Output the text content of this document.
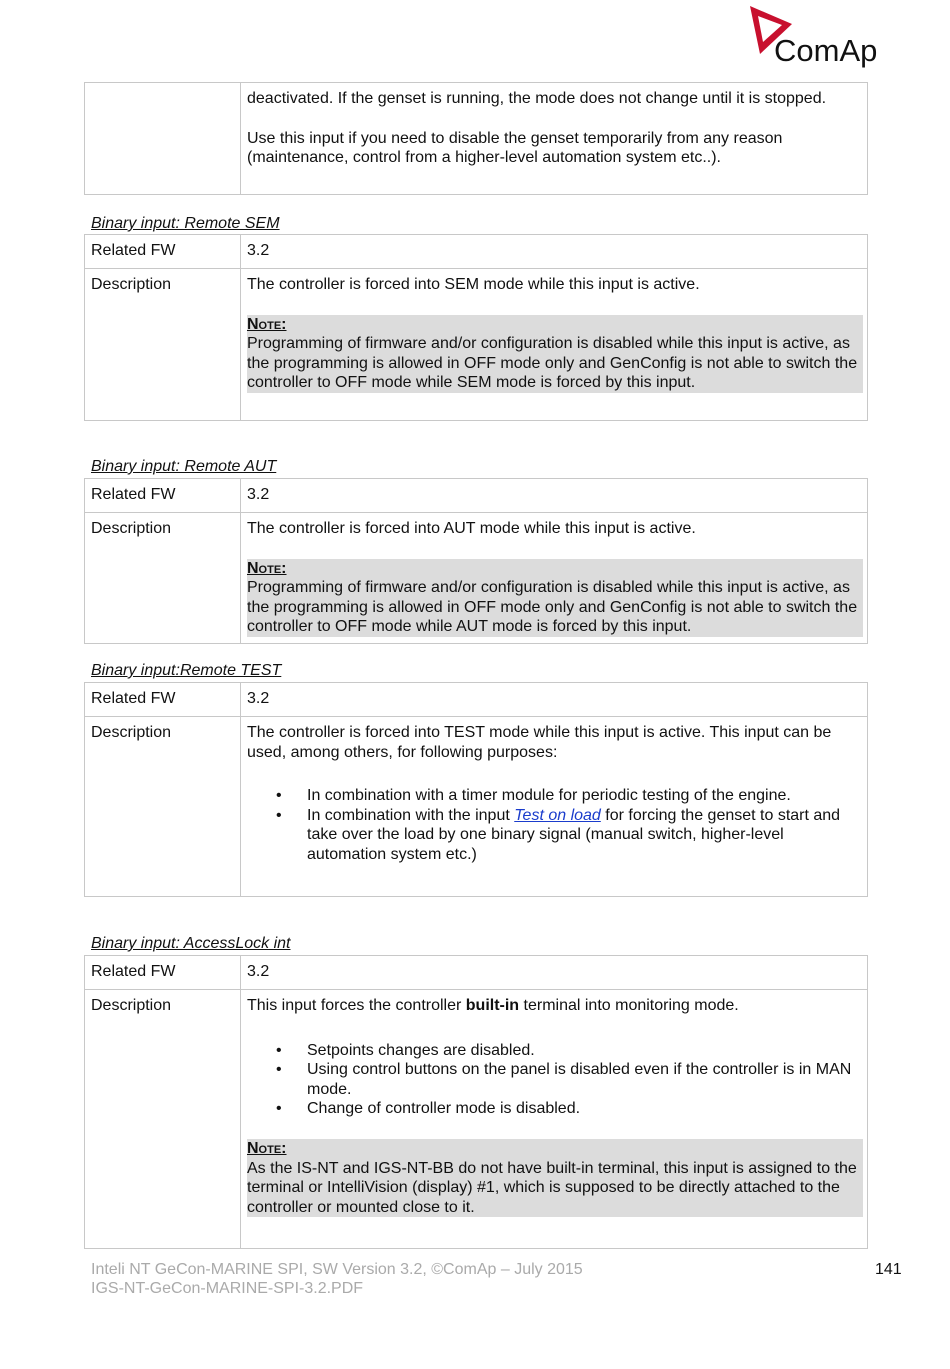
ComAp

deactivated. If the genset is running, the mode does not change until it is stopped.

Use this input if you need to disable the genset temporarily from any reason (maintenance, control from a higher-level automation system etc..).

Binary input: Remote SEM
Related FW	3.2
Description	The controller is forced into SEM mode while this input is active.

Note:

Programming of firmware and/or configuration is disabled while this input is active, as the programming is allowed in OFF mode only and GenConfig is not able to switch the controller to OFF mode while SEM mode is forced by this input.

Binary input: Remote AUT
Related FW	3.2
Description	The controller is forced into AUT mode while this input is active.

Note:

Programming of firmware and/or configuration is disabled while this input is active, as the programming is allowed in OFF mode only and GenConfig is not able to switch the controller to OFF mode while AUT mode is forced by this input.

Binary input:Remote TEST
Related FW	3.2
Description	The controller is forced into TEST mode while this input is active. This input can be used, among others, for following purposes:

• In combination with a timer module for periodic testing of the engine.
• In combination with the input Test on load for forcing the genset to start and take over the load by one binary signal (manual switch, higher-level automation system etc.)
Binary input: AccessLock int
Related FW	3.2
Description	This input forces the controller built-in terminal into monitoring mode.

• Setpoints changes are disabled.
• Using control buttons on the panel is disabled even if the controller is in MAN mode.
• Change of controller mode is disabled.
Note:

As the IS-NT and IGS-NT-BB do not have built-in terminal, this input is assigned to the terminal or IntelliVision (display) #1, which is supposed to be directly attached to the controller or mounted close to it.

Inteli NT GeCon-MARINE SPI, SW Version 3.2, ©ComAp – July 2015
IGS-NT-GeCon-MARINE-SPI-3.2.PDF
141
